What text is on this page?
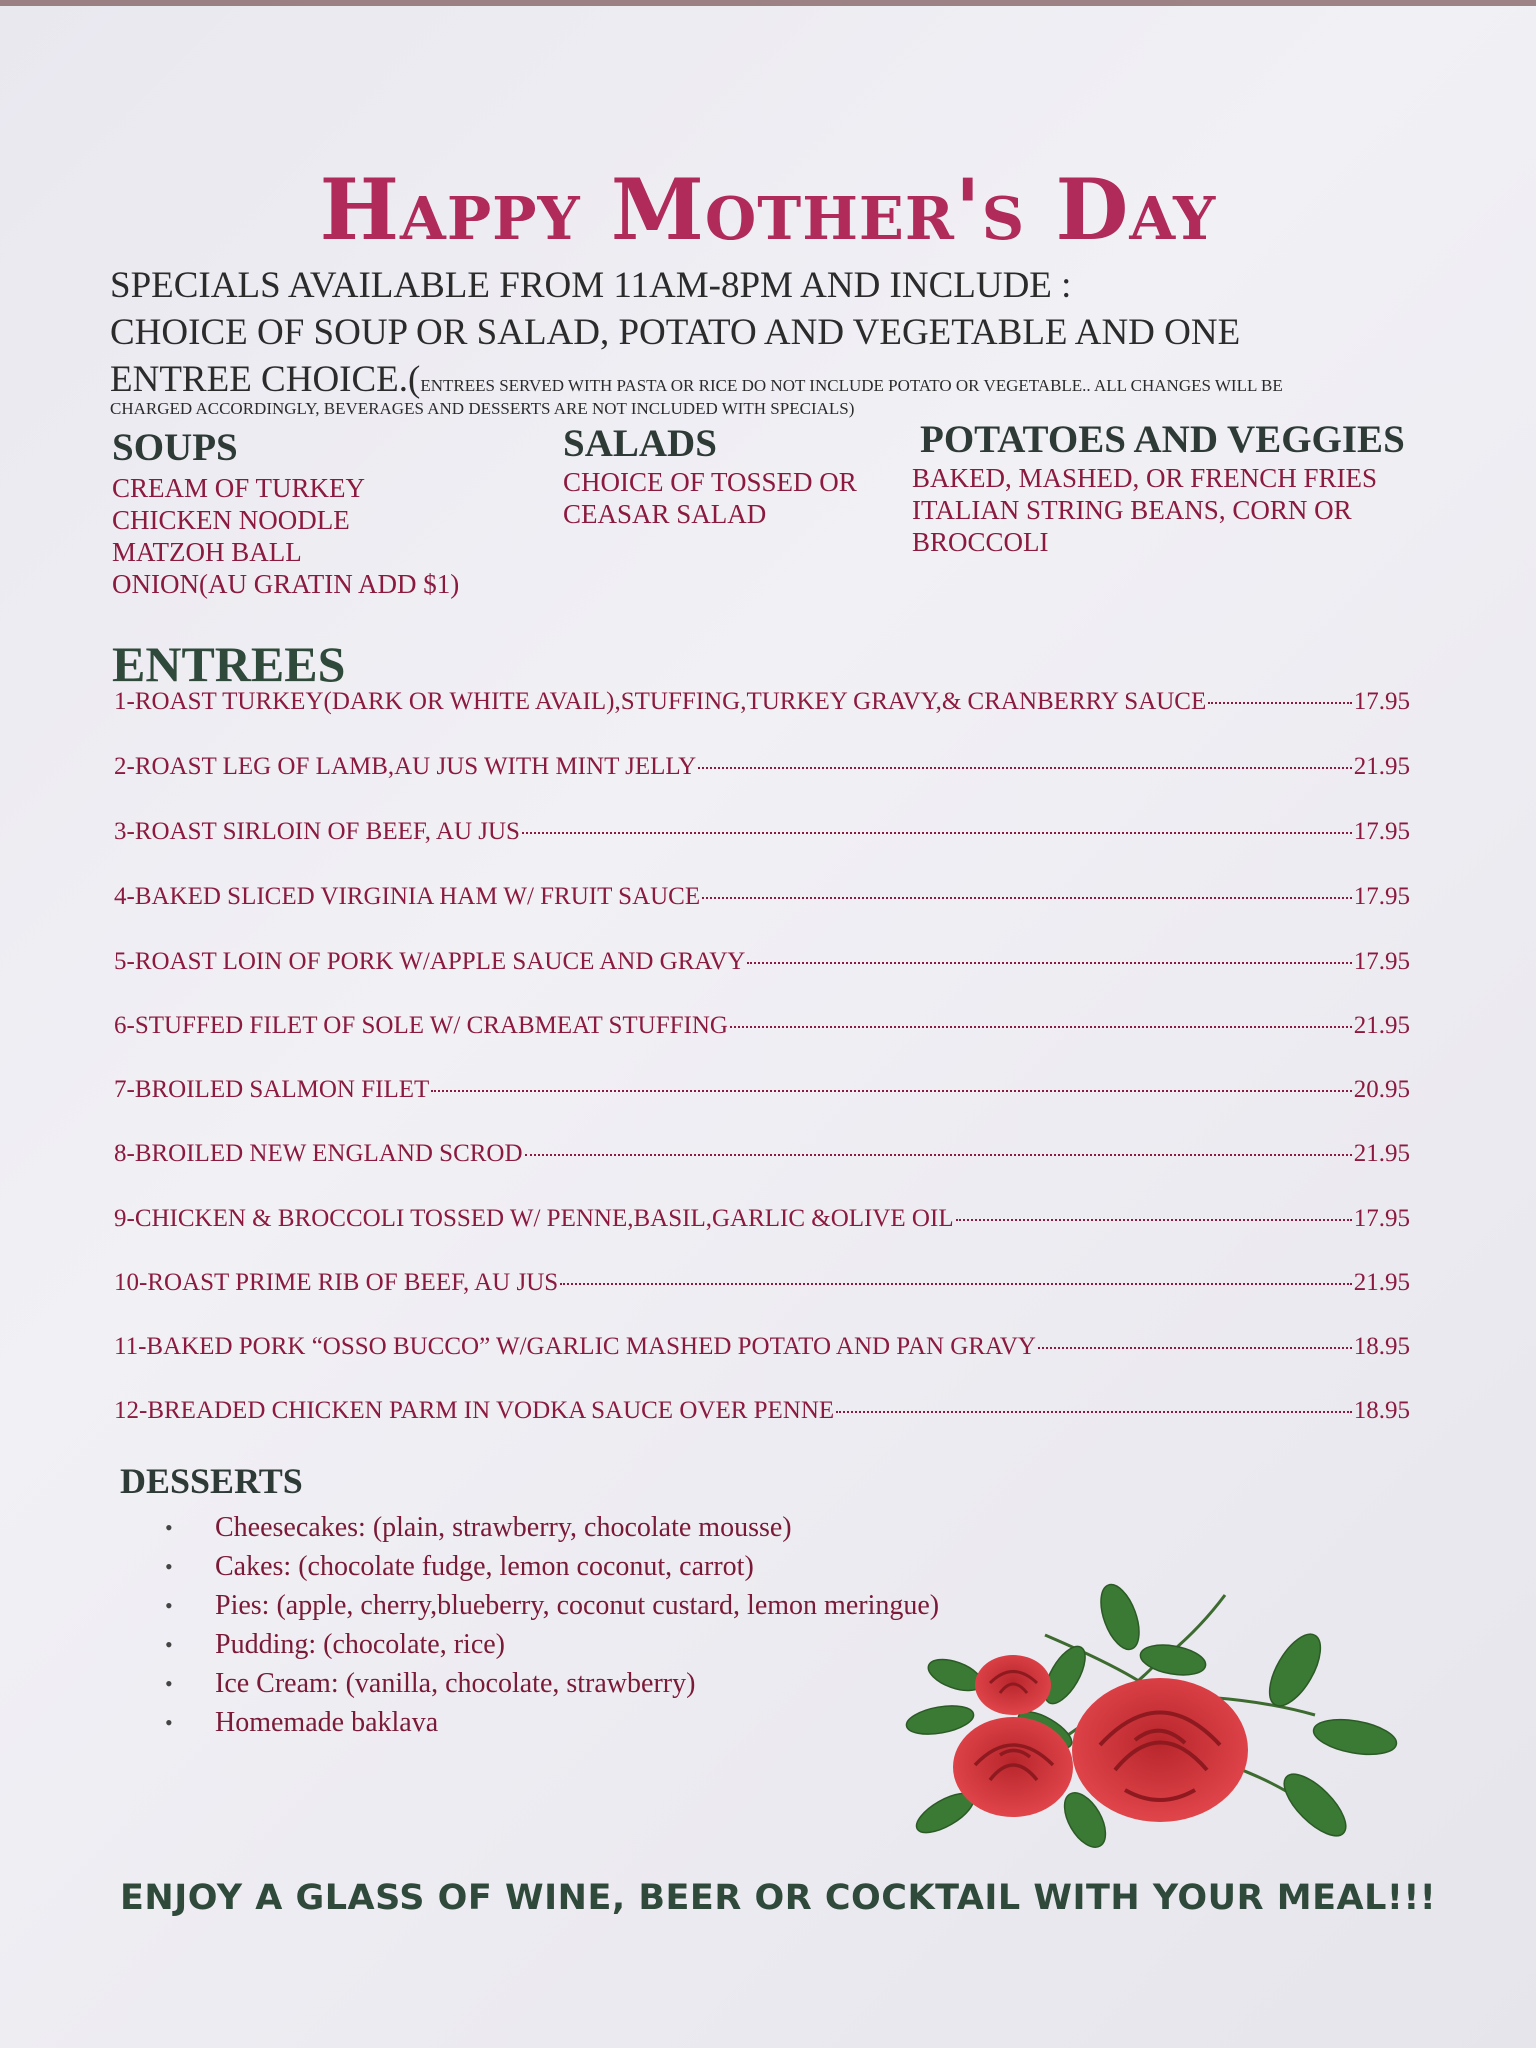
Happy Mother's Day
SPECIALS AVAILABLE FROM 11AM-8PM AND INCLUDE :
CHOICE OF SOUP OR SALAD, POTATO AND VEGETABLE AND ONE
ENTREE CHOICE.(ENTREES SERVED WITH PASTA OR RICE DO NOT INCLUDE POTATO OR VEGETABLE.. ALL CHANGES WILL BE
CHARGED ACCORDINGLY, BEVERAGES AND DESSERTS ARE NOT INCLUDED WITH SPECIALS)
SOUPS
CREAM OF TURKEY
CHICKEN NOODLE
MATZOH BALL
ONION(AU GRATIN ADD $1)
SALADS
CHOICE OF TOSSED OR
CEASAR SALAD
POTATOES AND VEGGIES
BAKED, MASHED, OR FRENCH FRIES
ITALIAN STRING BEANS, CORN OR
BROCCOLI
ENTREES
1-ROAST TURKEY(DARK OR WHITE AVAIL),STUFFING,TURKEY GRAVY,& CRANBERRY SAUCE	17.95
2-ROAST LEG OF LAMB,AU JUS WITH MINT JELLY	21.95
3-ROAST SIRLOIN OF BEEF, AU JUS	17.95
4-BAKED SLICED VIRGINIA HAM W/ FRUIT SAUCE	17.95
5-ROAST LOIN OF PORK W/APPLE SAUCE AND GRAVY	17.95
6-STUFFED FILET OF SOLE W/ CRABMEAT STUFFING	21.95
7-BROILED SALMON FILET	20.95
8-BROILED NEW ENGLAND SCROD	21.95
9-CHICKEN & BROCCOLI TOSSED W/ PENNE,BASIL,GARLIC &OLIVE OIL	17.95
10-ROAST PRIME RIB OF BEEF, AU JUS	21.95
11-BAKED PORK “OSSO BUCCO” W/GARLIC MASHED POTATO AND PAN GRAVY	18.95
12-BREADED CHICKEN PARM IN VODKA SAUCE OVER PENNE	18.95
DESSERTS
•	Cheesecakes: (plain, strawberry, chocolate mousse)
•	Cakes: (chocolate fudge, lemon coconut, carrot)
•	Pies: (apple, cherry,blueberry, coconut custard, lemon meringue)
•	Pudding: (chocolate, rice)
•	Ice Cream: (vanilla, chocolate, strawberry)
•	Homemade baklava
ENJOY A GLASS OF WINE, BEER OR COCKTAIL WITH YOUR MEAL!!!
